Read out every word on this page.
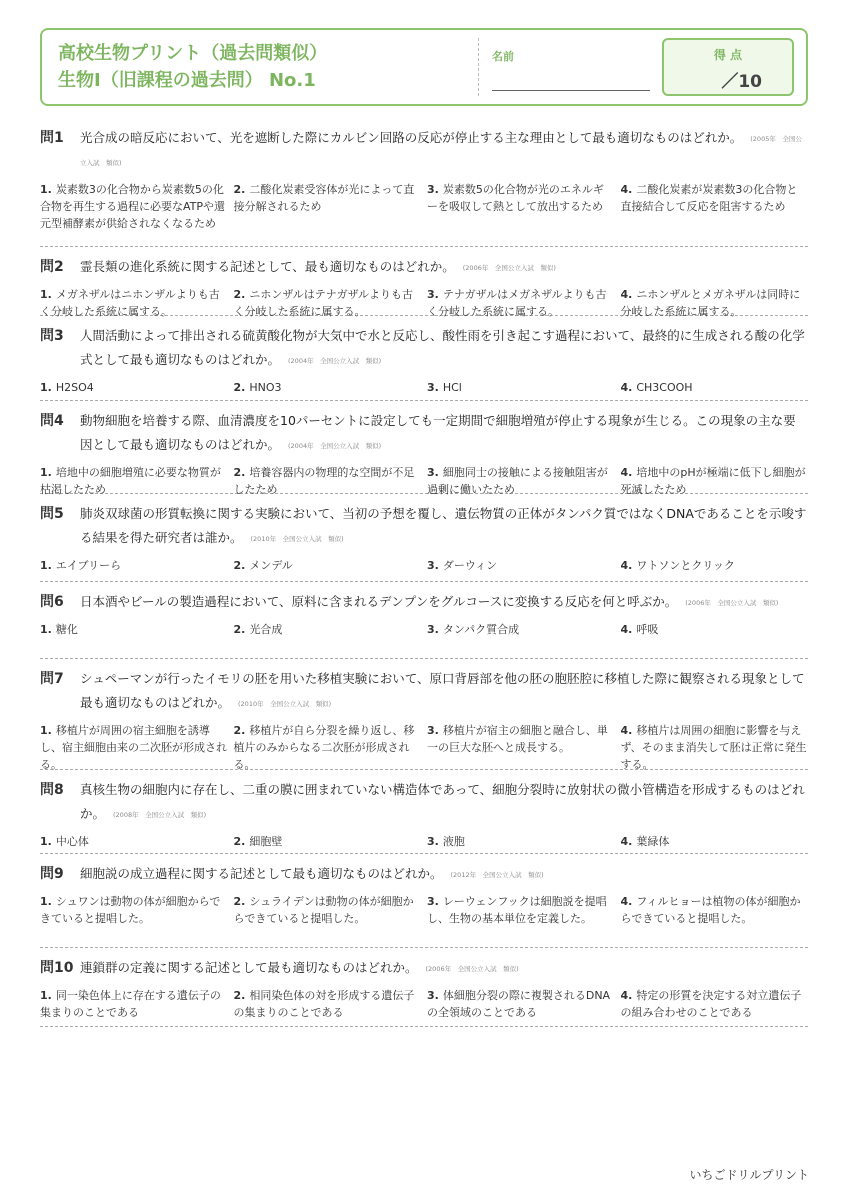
高校生物プリント（過去問類似）
生物Ⅰ（旧課程の過去問） No.1
名前	得 点
／10
問1	光合成の暗反応において、光を遮断した際にカルビン回路の反応が停止する主な理由として最も適切なものはどれか。 (2005年　全国公立入試　類似)
1. 炭素数3の化合物から炭素数5の化合物を再生する過程に必要なATPや還元型補酵素が供給されなくなるため
2. 二酸化炭素受容体が光によって直接分解されるため
3. 炭素数5の化合物が光のエネルギーを吸収して熱として放出するため
4. 二酸化炭素が炭素数3の化合物と直接結合して反応を阻害するため
問2	霊長類の進化系統に関する記述として、最も適切なものはどれか。 (2006年　全国公立入試　類似)
1. メガネザルはニホンザルよりも古く分岐した系統に属する。
2. ニホンザルはテナガザルよりも古く分岐した系統に属する。
3. テナガザルはメガネザルよりも古く分岐した系統に属する。
4. ニホンザルとメガネザルは同時に分岐した系統に属する。
問3	人間活動によって排出される硫黄酸化物が大気中で水と反応し、酸性雨を引き起こす過程において、最終的に生成される酸の化学式として最も適切なものはどれか。 (2004年　全国公立入試　類似)
1. H2SO4	2. HNO3	3. HCl	4. CH3COOH
問4	動物細胞を培養する際、血清濃度を10パーセントに設定しても一定期間で細胞増殖が停止する現象が生じる。この現象の主な要因として最も適切なものはどれか。 (2004年　全国公立入試　類似)
1. 培地中の細胞増殖に必要な物質が枯渇したため
2. 培養容器内の物理的な空間が不足したため
3. 細胞同士の接触による接触阻害が過剰に働いたため
4. 培地中のpHが極端に低下し細胞が死滅したため
問5	肺炎双球菌の形質転換に関する実験において、当初の予想を覆し、遺伝物質の正体がタンパク質ではなくDNAであることを示唆する結果を得た研究者は誰か。 (2010年　全国公立入試　類似)
1. エイブリーら	2. メンデル	3. ダーウィン	4. ワトソンとクリック
問6	日本酒やビールの製造過程において、原料に含まれるデンプンをグルコースに変換する反応を何と呼ぶか。 (2006年　全国公立入試　類似)
1. 糖化	2. 光合成	3. タンパク質合成	4. 呼吸
問7	シュペーマンが行ったイモリの胚を用いた移植実験において、原口背唇部を他の胚の胞胚腔に移植した際に観察される現象として最も適切なものはどれか。 (2010年　全国公立入試　類似)
1. 移植片が周囲の宿主細胞を誘導し、宿主細胞由来の二次胚が形成される。
2. 移植片が自ら分裂を繰り返し、移植片のみからなる二次胚が形成される。
3. 移植片が宿主の細胞と融合し、単一の巨大な胚へと成長する。
4. 移植片は周囲の細胞に影響を与えず、そのまま消失して胚は正常に発生する。
問8	真核生物の細胞内に存在し、二重の膜に囲まれていない構造体であって、細胞分裂時に放射状の微小管構造を形成するものはどれか。 (2008年　全国公立入試　類似)
1. 中心体	2. 細胞壁	3. 液胞	4. 葉緑体
問9	細胞説の成立過程に関する記述として最も適切なものはどれか。 (2012年　全国公立入試　類似)
1. シュワンは動物の体が細胞からできていると提唱した。
2. シュライデンは動物の体が細胞からできていると提唱した。
3. レーウェンフックは細胞説を提唱し、生物の基本単位を定義した。
4. フィルヒョーは植物の体が細胞からできていると提唱した。
問10 連鎖群の定義に関する記述として最も適切なものはどれか。 (2006年　全国公立入試　類似)
1. 同一染色体上に存在する遺伝子の集まりのことである
2. 相同染色体の対を形成する遺伝子の集まりのことである
3. 体細胞分裂の際に複製されるDNAの全領域のことである
4. 特定の形質を決定する対立遺伝子の組み合わせのことである
いちごドリルプリント
